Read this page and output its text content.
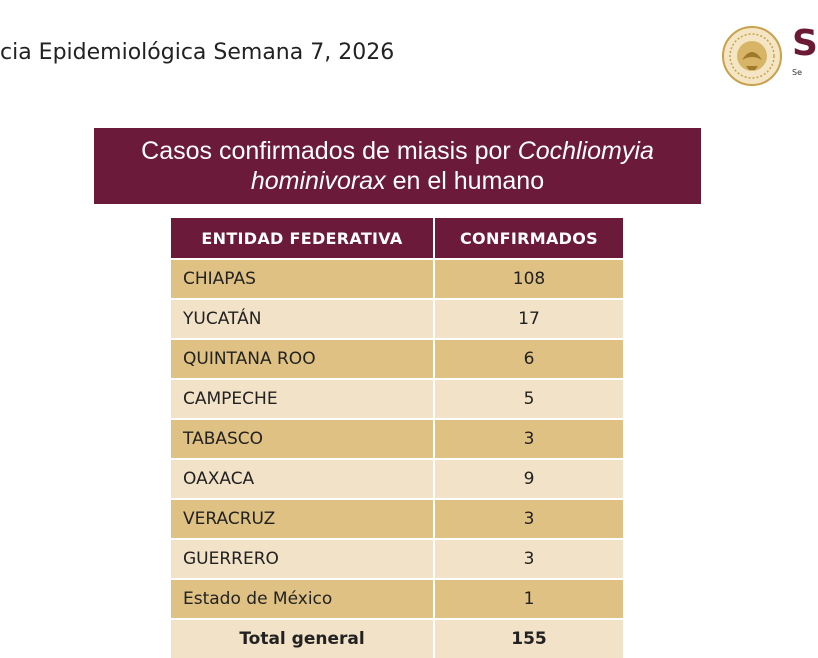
cia Epidemiológica Semana 7, 2026	S
Se
Casos confirmados de miasis por Cochliomyia hominivorax en el humano
ENTIDAD FEDERATIVA	CONFIRMADOS
CHIAPAS	108
YUCATÁN	17
QUINTANA ROO	6
CAMPECHE	5
TABASCO	3
OAXACA	9
VERACRUZ	3
GUERRERO	3
Estado de México	1
Total general	155
